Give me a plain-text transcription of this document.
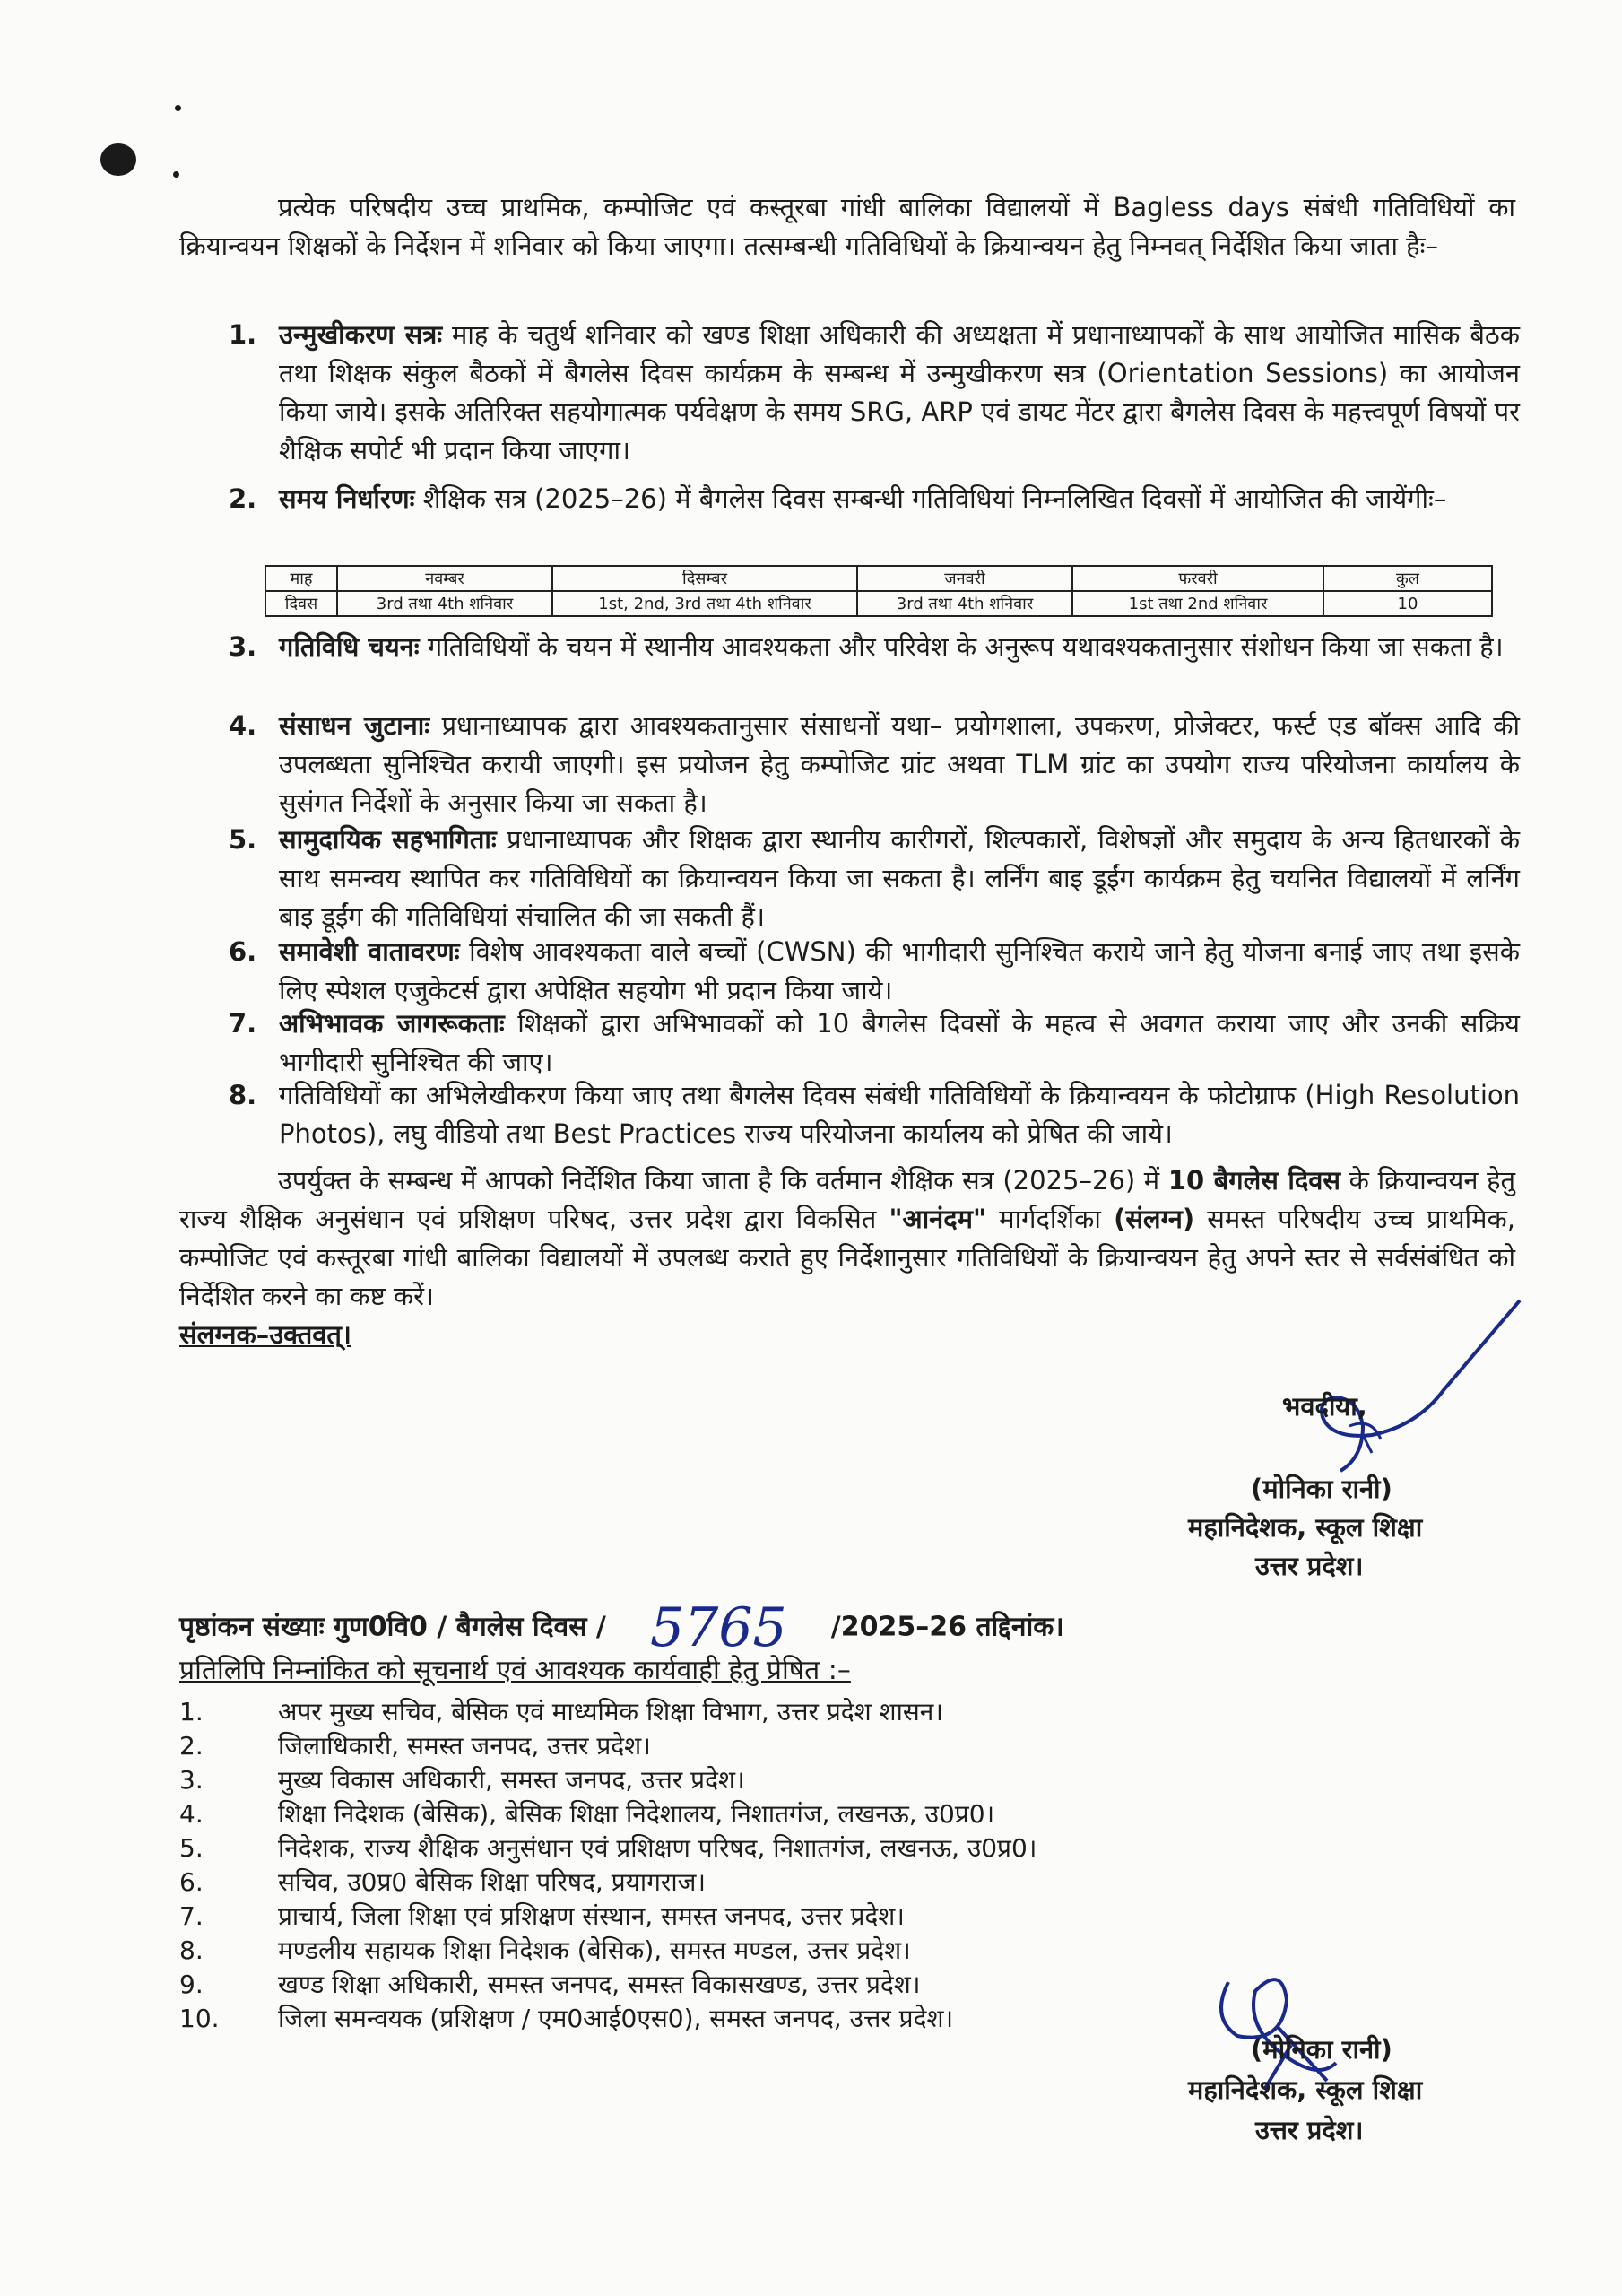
प्रत्येक परिषदीय उच्च प्राथमिक, कम्पोजिट एवं कस्तूरबा गांधी बालिका विद्यालयों में Bagless days संबंधी गतिविधियों का क्रियान्वयन शिक्षकों के निर्देशन में शनिवार को किया जाएगा। तत्सम्बन्धी गतिविधियों के क्रियान्वयन हेतु निम्नवत् निर्देशित किया जाता हैः–
1. उन्मुखीकरण सत्रः माह के चतुर्थ शनिवार को खण्ड शिक्षा अधिकारी की अध्यक्षता में प्रधानाध्यापकों के साथ आयोजित मासिक बैठक तथा शिक्षक संकुल बैठकों में बैगलेस दिवस कार्यक्रम के सम्बन्ध में उन्मुखीकरण सत्र (Orientation Sessions) का आयोजन किया जाये। इसके अतिरिक्त सहयोगात्मक पर्यवेक्षण के समय SRG, ARP एवं डायट मेंटर द्वारा बैगलेस दिवस के महत्त्वपूर्ण विषयों पर शैक्षिक सपोर्ट भी प्रदान किया जाएगा।
2. समय निर्धारणः शैक्षिक सत्र (2025–26) में बैगलेस दिवस सम्बन्धी गतिविधियां निम्नलिखित दिवसों में आयोजित की जायेंगीः–
माह	नवम्बर	दिसम्बर	जनवरी	फरवरी	कुल
दिवस	3rd तथा 4th शनिवार	1st, 2nd, 3rd तथा 4th शनिवार	3rd तथा 4th शनिवार	1st तथा 2nd शनिवार	10
3. गतिविधि चयनः गतिविधियों के चयन में स्थानीय आवश्यकता और परिवेश के अनुरूप यथावश्यकतानुसार संशोधन किया जा सकता है।
4. संसाधन जुटानाः प्रधानाध्यापक द्वारा आवश्यकतानुसार संसाधनों यथा– प्रयोगशाला, उपकरण, प्रोजेक्टर, फर्स्ट एड बॉक्स आदि की उपलब्धता सुनिश्चित करायी जाएगी। इस प्रयोजन हेतु कम्पोजिट ग्रांट अथवा TLM ग्रांट का उपयोग राज्य परियोजना कार्यालय के सुसंगत निर्देशों के अनुसार किया जा सकता है।
5. सामुदायिक सहभागिताः प्रधानाध्यापक और शिक्षक द्वारा स्थानीय कारीगरों, शिल्पकारों, विशेषज्ञों और समुदाय के अन्य हितधारकों के साथ समन्वय स्थापित कर गतिविधियों का क्रियान्वयन किया जा सकता है। लर्निंग बाइ डूईंग कार्यक्रम हेतु चयनित विद्यालयों में लर्निंग बाइ डूईंग की गतिविधियां संचालित की जा सकती हैं।
6. समावेशी वातावरणः विशेष आवश्यकता वाले बच्चों (CWSN) की भागीदारी सुनिश्चित कराये जाने हेतु योजना बनाई जाए तथा इसके लिए स्पेशल एजुकेटर्स द्वारा अपेक्षित सहयोग भी प्रदान किया जाये।
7. अभिभावक जागरूकताः शिक्षकों द्वारा अभिभावकों को 10 बैगलेस दिवसों के महत्व से अवगत कराया जाए और उनकी सक्रिय भागीदारी सुनिश्चित की जाए।
8. गतिविधियों का अभिलेखीकरण किया जाए तथा बैगलेस दिवस संबंधी गतिविधियों के क्रियान्वयन के फोटोग्राफ (High Resolution Photos), लघु वीडियो तथा Best Practices राज्य परियोजना कार्यालय को प्रेषित की जाये।
उपर्युक्त के सम्बन्ध में आपको निर्देशित किया जाता है कि वर्तमान शैक्षिक सत्र (2025–26) में 10 बैगलेस दिवस के क्रियान्वयन हेतु राज्य शैक्षिक अनुसंधान एवं प्रशिक्षण परिषद, उत्तर प्रदेश द्वारा विकसित "आनंदम" मार्गदर्शिका (संलग्न) समस्त परिषदीय उच्च प्राथमिक, कम्पोजिट एवं कस्तूरबा गांधी बालिका विद्यालयों में उपलब्ध कराते हुए निर्देशानुसार गतिविधियों के क्रियान्वयन हेतु अपने स्तर से सर्वसंबंधित को निर्देशित करने का कष्ट करें।
संलग्नक–उक्तवत्।
भवदीया,
(मोनिका रानी)
महानिदेशक, स्कूल शिक्षा
उत्तर प्रदेश।
पृष्ठांकन संख्याः गुण0वि0 / बैगलेस दिवस / 5765 /2025–26 तद्दिनांक।
प्रतिलिपि निम्नांकित को सूचनार्थ एवं आवश्यक कार्यवाही हेतु प्रेषित :–
1.	अपर मुख्य सचिव, बेसिक एवं माध्यमिक शिक्षा विभाग, उत्तर प्रदेश शासन।
2.	जिलाधिकारी, समस्त जनपद, उत्तर प्रदेश।
3.	मुख्य विकास अधिकारी, समस्त जनपद, उत्तर प्रदेश।
4.	शिक्षा निदेशक (बेसिक), बेसिक शिक्षा निदेशालय, निशातगंज, लखनऊ, उ0प्र0।
5.	निदेशक, राज्य शैक्षिक अनुसंधान एवं प्रशिक्षण परिषद, निशातगंज, लखनऊ, उ0प्र0।
6.	सचिव, उ0प्र0 बेसिक शिक्षा परिषद, प्रयागराज।
7.	प्राचार्य, जिला शिक्षा एवं प्रशिक्षण संस्थान, समस्त जनपद, उत्तर प्रदेश।
8.	मण्डलीय सहायक शिक्षा निदेशक (बेसिक), समस्त मण्डल, उत्तर प्रदेश।
9.	खण्ड शिक्षा अधिकारी, समस्त जनपद, समस्त विकासखण्ड, उत्तर प्रदेश।
10. जिला समन्वयक (प्रशिक्षण / एम0आई0एस0), समस्त जनपद, उत्तर प्रदेश।
(मोनिका रानी)
महानिदेशक, स्कूल शिक्षा
उत्तर प्रदेश।
